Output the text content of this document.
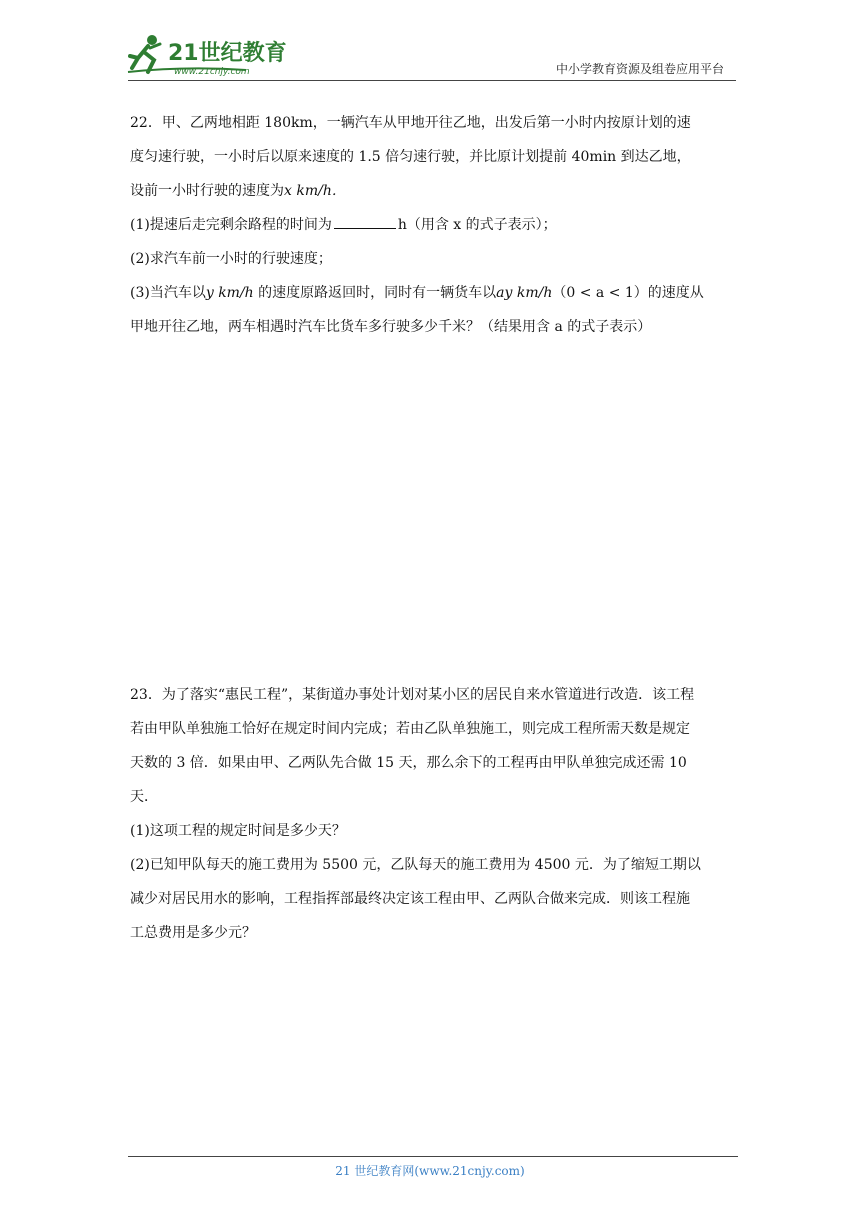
21世纪教育
www.21cnjy.com	中小学教育资源及组卷应用平台

22．甲、乙两地相距 180km，一辆汽车从甲地开往乙地，出发后第一小时内按原计划的速

度匀速行驶，一小时后以原来速度的 1.5 倍匀速行驶，并比原计划提前 40min 到达乙地，

设前一小时行驶的速度为x km/h．

(1)提速后走完剩余路程的时间为	h（用含 x 的式子表示）；

(2)求汽车前一小时的行驶速度；

(3)当汽车以y km/h 的速度原路返回时，同时有一辆货车以ay km/h（0 < a < 1）的速度从

甲地开往乙地，两车相遇时汽车比货车多行驶多少千米？（结果用含 a 的式子表示）

23．为了落实“惠民工程”，某街道办事处计划对某小区的居民自来水管道进行改造．该工程

若由甲队单独施工恰好在规定时间内完成；若由乙队单独施工，则完成工程所需天数是规定

天数的 3 倍．如果由甲、乙两队先合做 15 天，那么余下的工程再由甲队单独完成还需 10

天．

(1)这项工程的规定时间是多少天？

(2)已知甲队每天的施工费用为 5500 元，乙队每天的施工费用为 4500 元．为了缩短工期以

减少对居民用水的影响，工程指挥部最终决定该工程由甲、乙两队合做来完成．则该工程施

工总费用是多少元？

21 世纪教育网(www.21cnjy.com)
